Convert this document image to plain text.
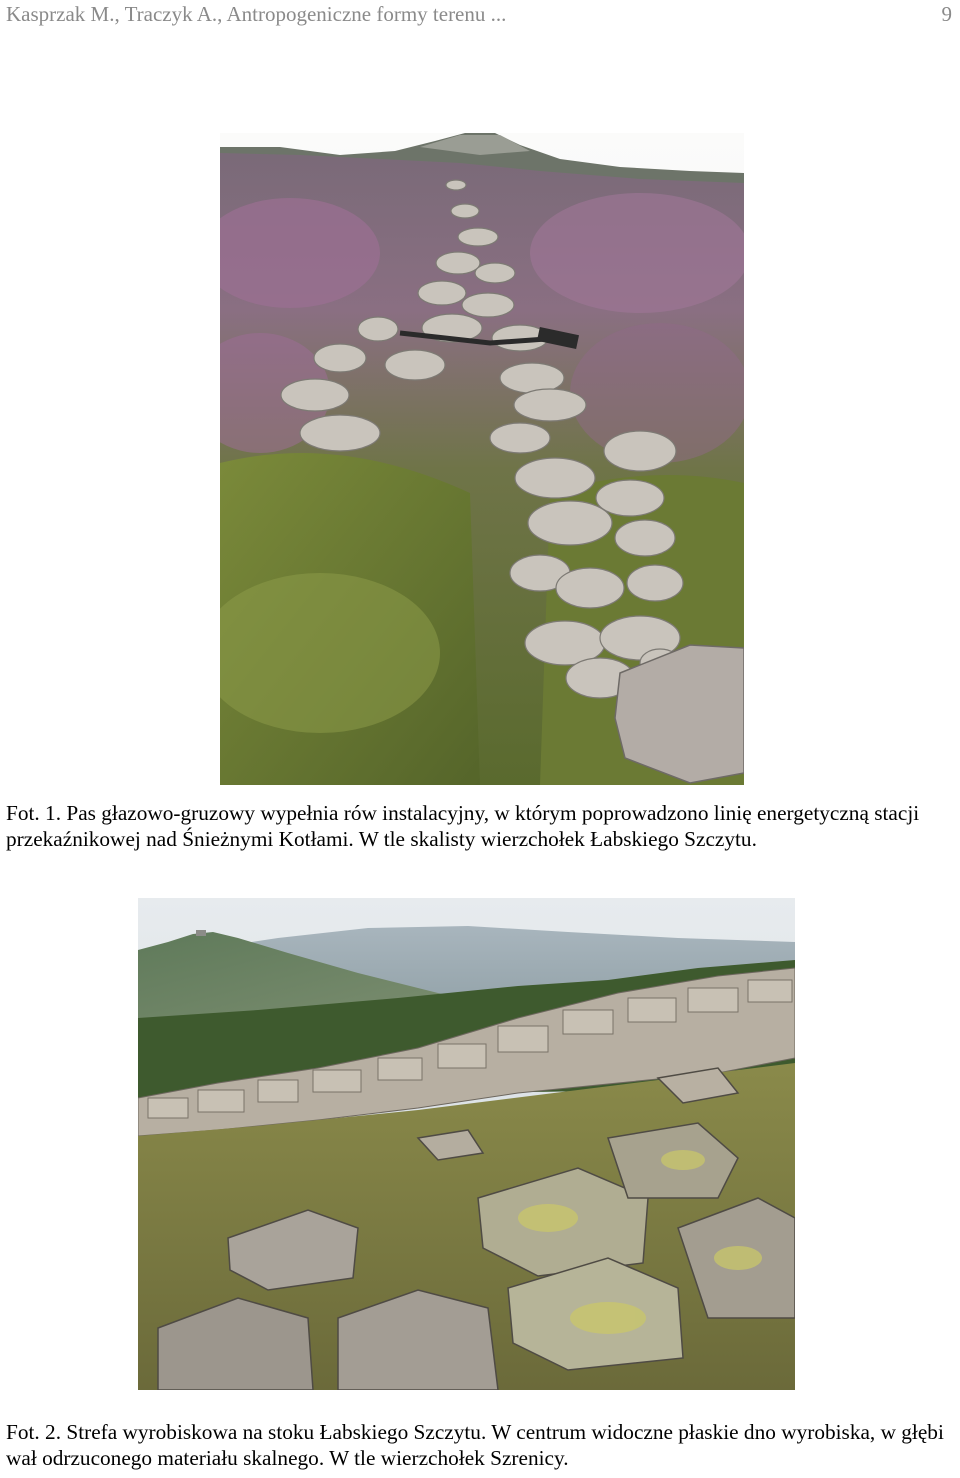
Kasprzak M., Traczyk A., Antropogeniczne formy terenu ...	9

Fot. 1. Pas głazowo-gruzowy wypełnia rów instalacyjny, w którym poprowadzono linię energetyczną stacji przekaźnikowej nad Śnieżnymi Kotłami. W tle skalisty wierzchołek Łabskiego Szczytu.

Fot. 2. Strefa wyrobiskowa na stoku Łabskiego Szczytu. W centrum widoczne płaskie dno wyrobiska, w głębi wał odrzuconego materiału skalnego. W tle wierzchołek Szrenicy.
